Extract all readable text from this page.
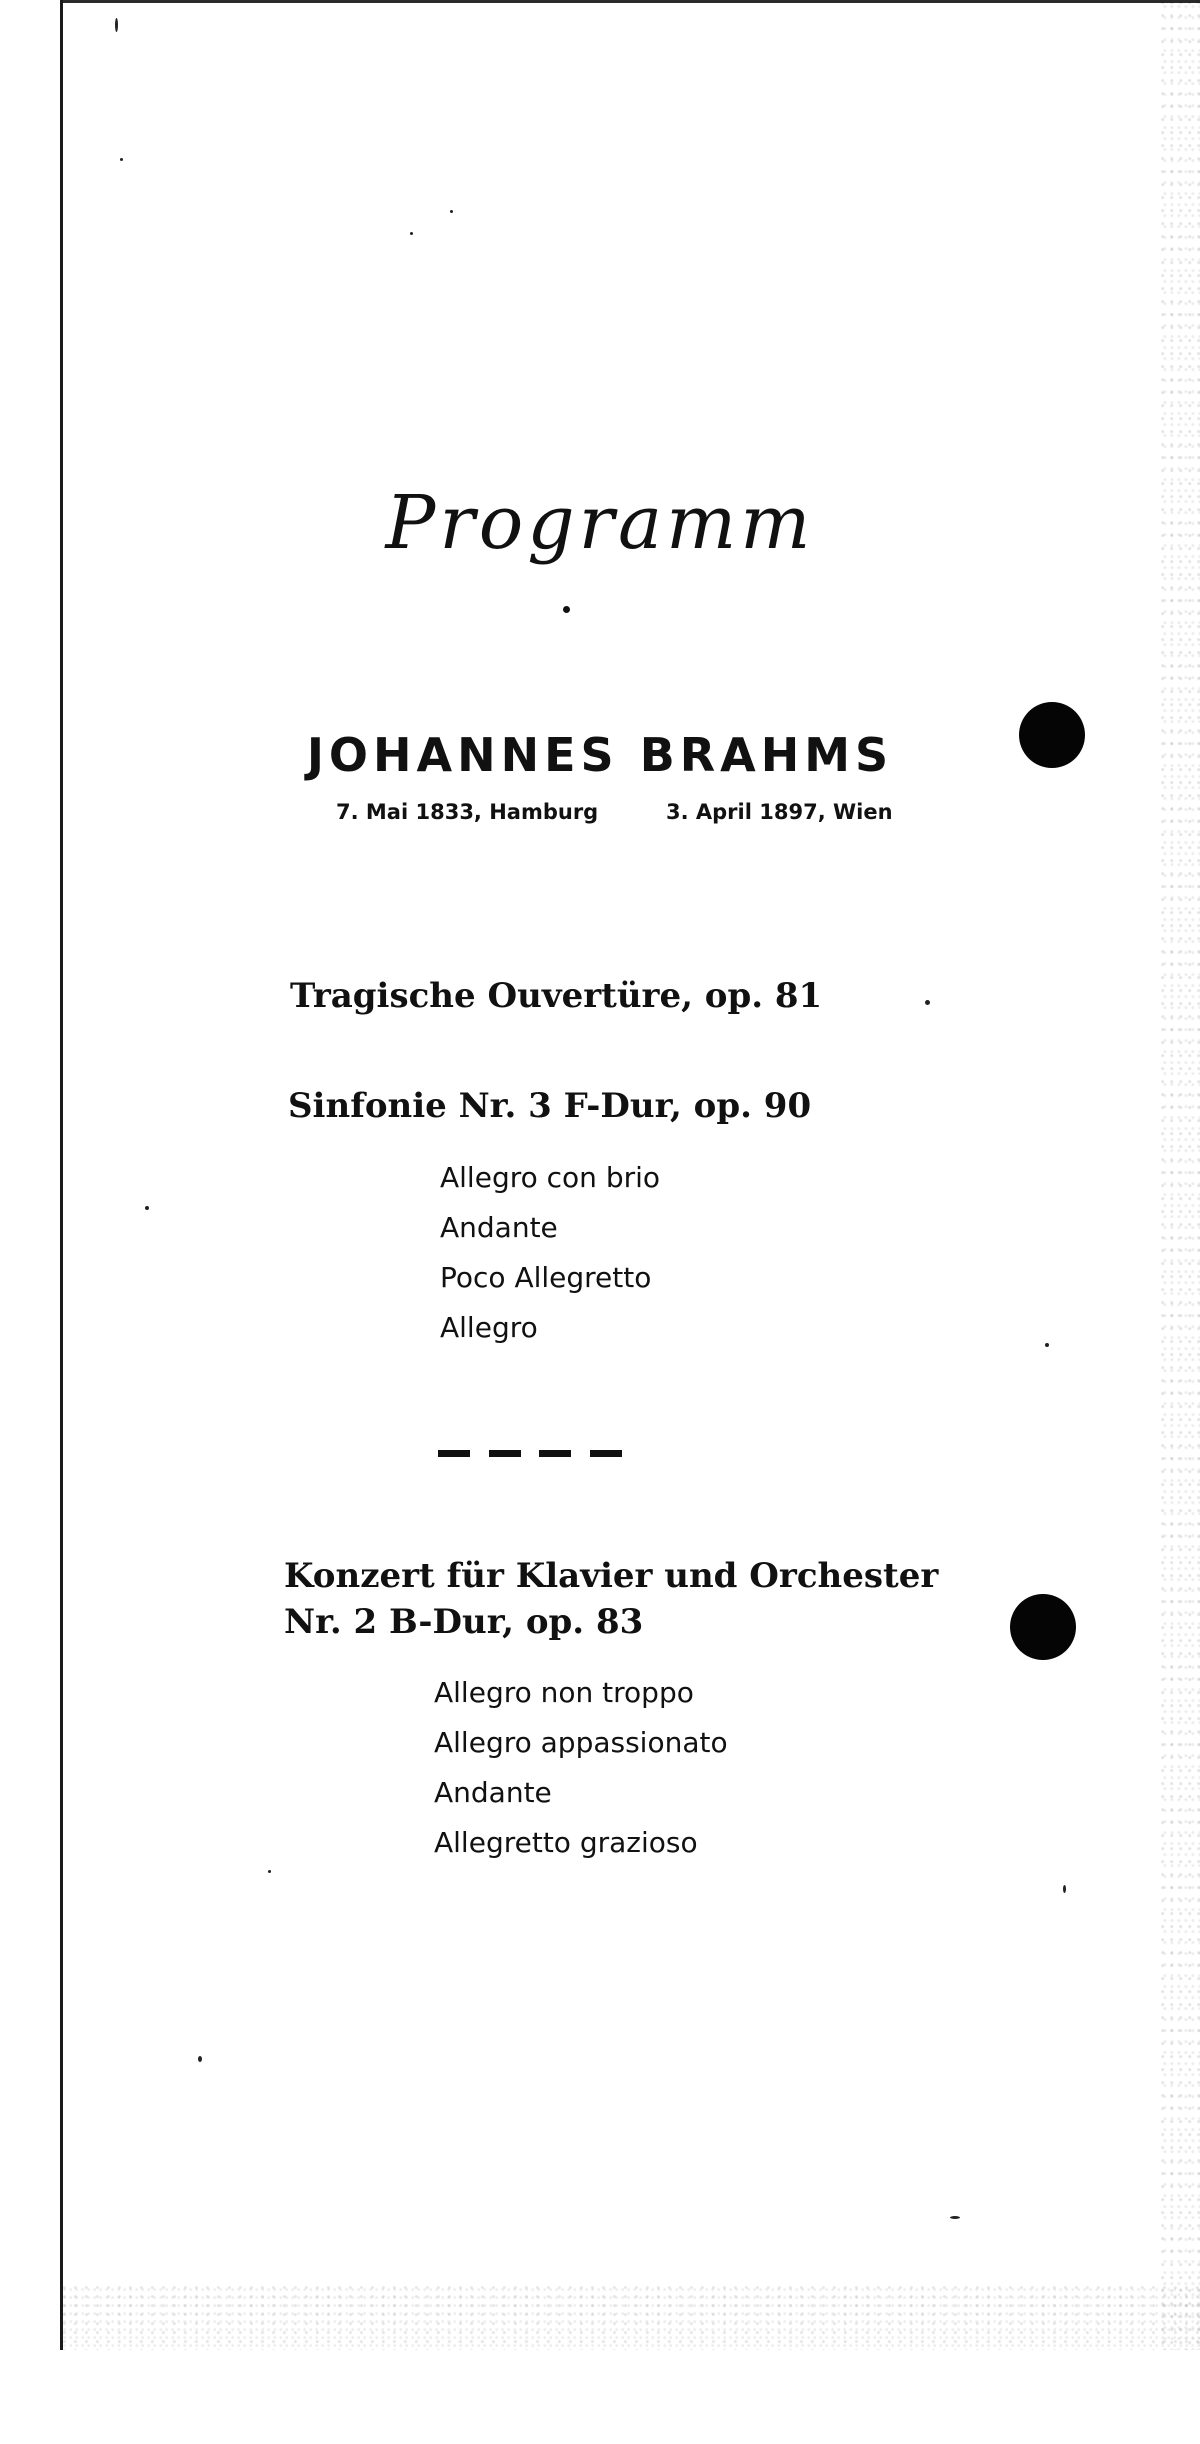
Programm
JOHANNES BRAHMS
7. Mai 1833, Hamburg	3. April 1897, Wien
Tragische Ouvertüre, op. 81
Sinfonie Nr. 3 F-Dur, op. 90
Allegro con brio
Andante
Poco Allegretto
Allegro
Konzert für Klavier und Orchester
Nr. 2 B-Dur, op. 83
Allegro non troppo
Allegro appassionato
Andante
Allegretto grazioso
